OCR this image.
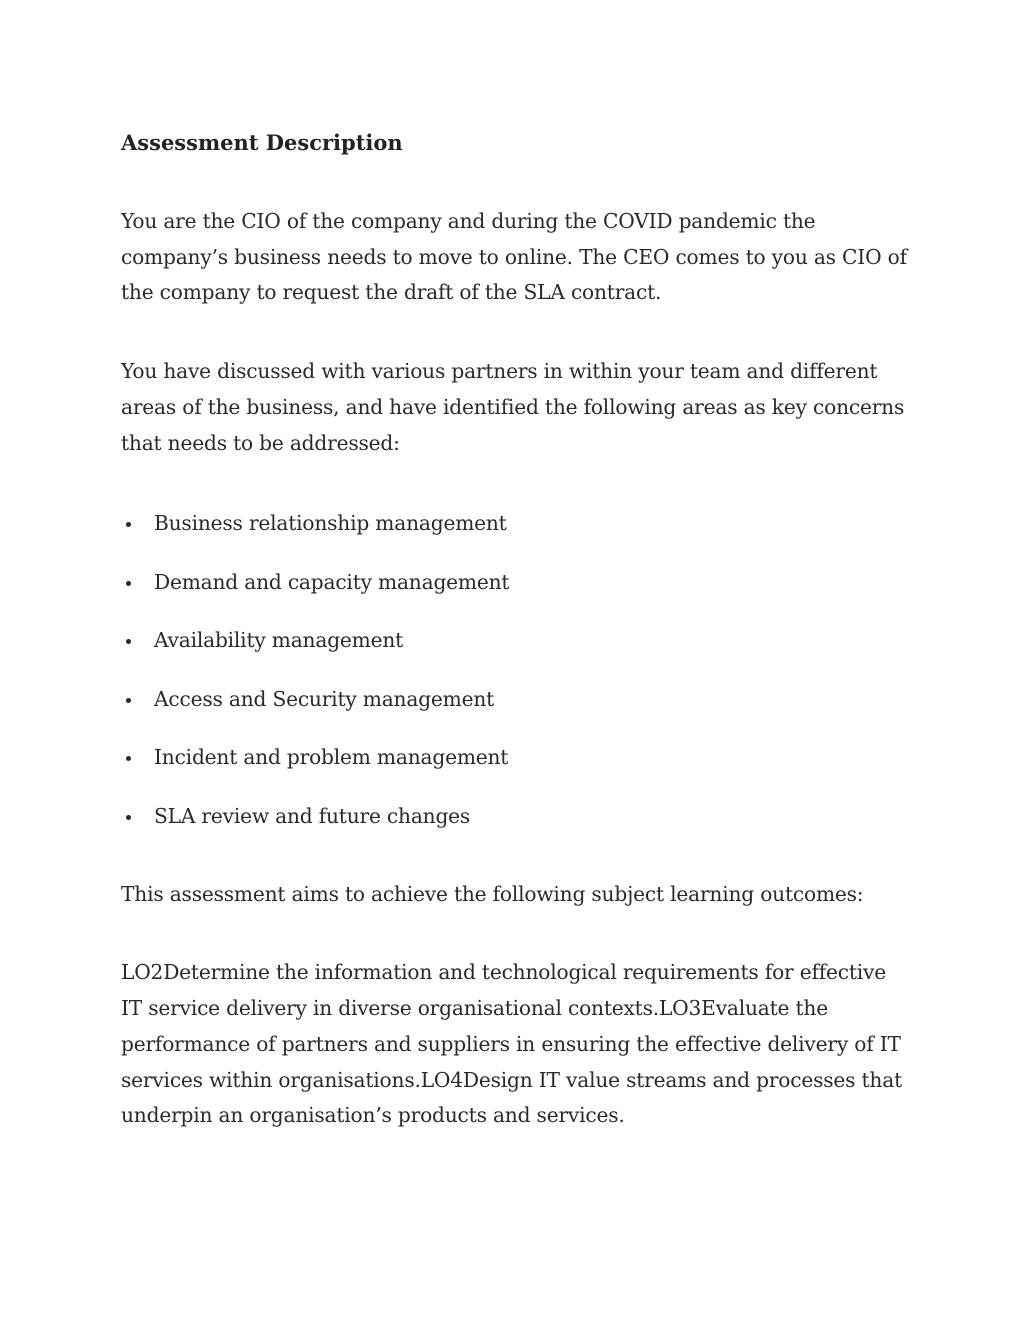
Assessment Description

You are the CIO of the company and during the COVID pandemic the company’s business needs to move to online. The CEO comes to you as CIO of the company to request the draft of the SLA contract.

You have discussed with various partners in within your team and different areas of the business, and have identified the following areas as key concerns that needs to be addressed:

Business relationship management
Demand and capacity management
Availability management
Access and Security management
Incident and problem management
SLA review and future changes

This assessment aims to achieve the following subject learning outcomes:

LO2Determine the information and technological requirements for effective IT service delivery in diverse organisational contexts.LO3Evaluate the performance of partners and suppliers in ensuring the effective delivery of IT services within organisations.LO4Design IT value streams and processes that underpin an organisation’s products and services.
